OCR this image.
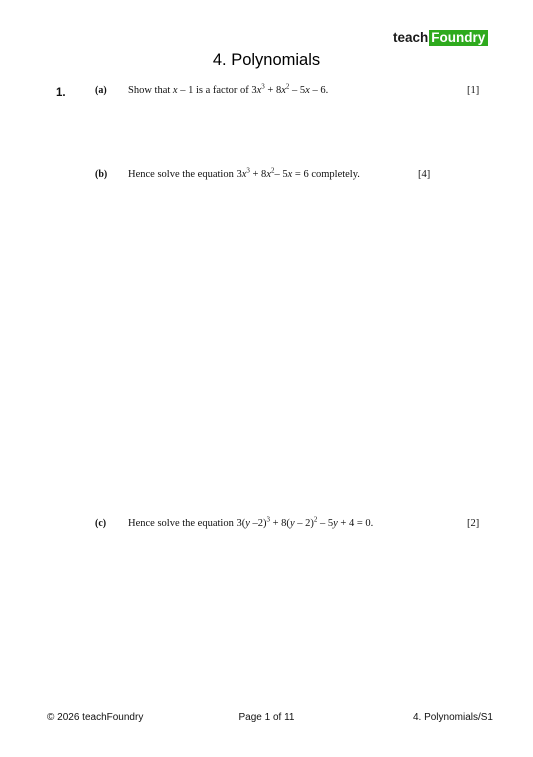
teach Foundry
4. Polynomials
1.	(a) Show that x – 1 is a factor of $3x^3 + 8x^2 - 5x - 6$.	[1]
(b) Hence solve the equation $3x^3 + 8x^2-$ 5x = 6 completely.	[4]
(c) Hence solve the equation 3(y –2)$^3$ + 8(y – 2)$^2$ – 5y + 4 = 0.	[2]
© 2026 teachFoundry	Page 1 of 11	4. Polynomials/S1
